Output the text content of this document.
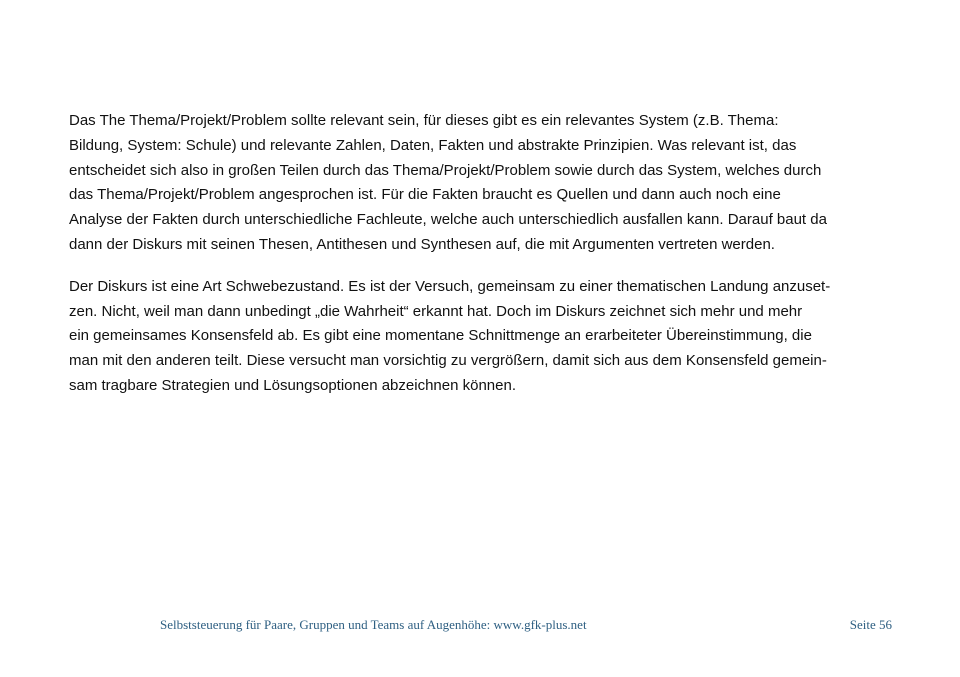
Das The Thema/Projekt/Problem sollte relevant sein, für dieses gibt es ein relevantes System (z.B. Thema:
Bildung, System: Schule) und relevante Zahlen, Daten, Fakten und abstrakte Prinzipien. Was relevant ist, das
entscheidet sich also in großen Teilen durch das Thema/Projekt/Problem sowie durch das System, welches durch
das Thema/Projekt/Problem angesprochen ist. Für die Fakten braucht es Quellen und dann auch noch eine
Analyse der Fakten durch unterschiedliche Fachleute, welche auch unterschiedlich ausfallen kann. Darauf baut da
dann der Diskurs mit seinen Thesen, Antithesen und Synthesen auf, die mit Argumenten vertreten werden.

Der Diskurs ist eine Art Schwebezustand. Es ist der Versuch, gemeinsam zu einer thematischen Landung anzuset-
zen. Nicht, weil man dann unbedingt „die Wahrheit“ erkannt hat. Doch im Diskurs zeichnet sich mehr und mehr
ein gemeinsames Konsensfeld ab. Es gibt eine momentane Schnittmenge an erarbeiteter Übereinstimmung, die
man mit den anderen teilt. Diese versucht man vorsichtig zu vergrößern, damit sich aus dem Konsensfeld gemein-
sam tragbare Strategien und Lösungsoptionen abzeichnen können.

Selbststeuerung für Paare, Gruppen und Teams auf Augenhöhe: www.gfk-plus.net	Seite 56
